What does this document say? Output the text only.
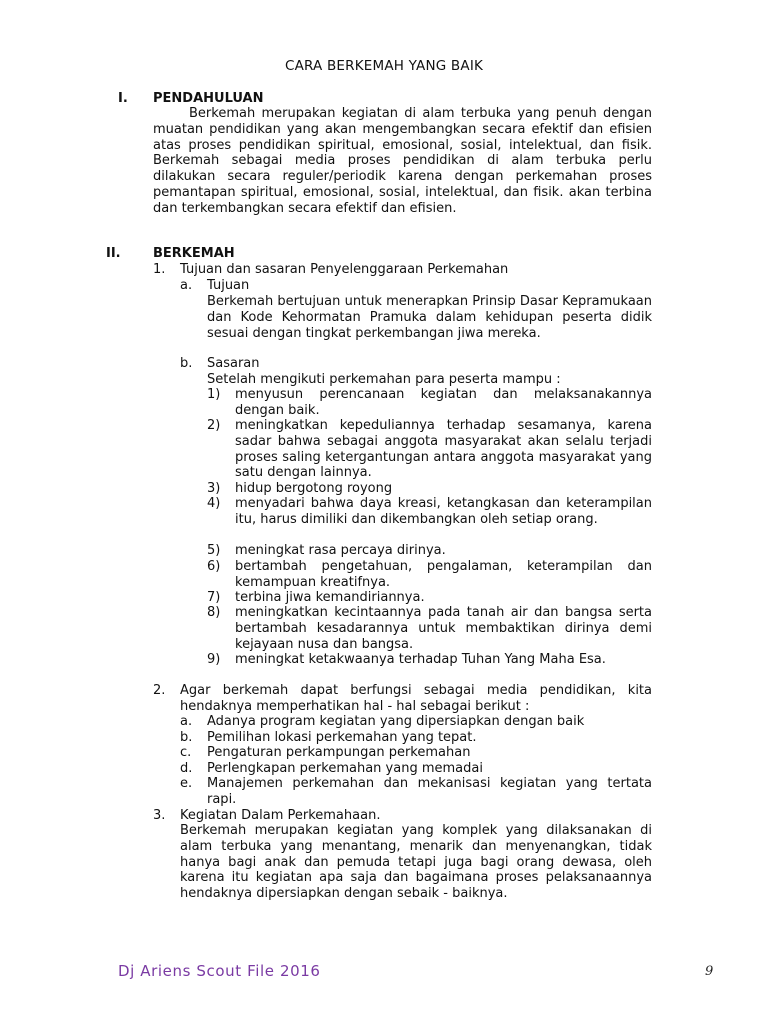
CARA BERKEMAH YANG BAIK
I. PENDAHULUAN
Berkemah merupakan kegiatan di alam terbuka yang penuh dengan muatan pendidikan yang akan mengembangkan secara efektif dan efisien atas proses pendidikan spiritual, emosional, sosial, intelektual, dan fisik. Berkemah sebagai media proses pendidikan di alam terbuka perlu dilakukan secara reguler/periodik karena dengan perkemahan proses pemantapan spiritual, emosional, sosial, intelektual, dan fisik. akan terbina dan terkembangkan secara efektif dan efisien.
II. BERKEMAH
1. Tujuan dan sasaran Penyelenggaraan Perkemahan
a. Tujuan
Berkemah bertujuan untuk menerapkan Prinsip Dasar Kepramukaan dan Kode Kehormatan Pramuka dalam kehidupan peserta didik sesuai dengan tingkat perkembangan jiwa mereka.
b. Sasaran
Setelah mengikuti perkemahan para peserta mampu :
1) menyusun perencanaan kegiatan dan melaksanakannya dengan baik.
2) meningkatkan kepeduliannya terhadap sesamanya, karena sadar bahwa sebagai anggota masyarakat akan selalu terjadi proses saling ketergantungan antara anggota masyarakat yang satu dengan lainnya.
3) hidup bergotong royong
4) menyadari bahwa daya kreasi, ketangkasan dan keterampilan itu, harus dimiliki dan dikembangkan oleh setiap orang.
5) meningkat rasa percaya dirinya.
6) bertambah pengetahuan, pengalaman, keterampilan dan kemampuan kreatifnya.
7) terbina jiwa kemandiriannya.
8) meningkatkan kecintaannya pada tanah air dan bangsa serta bertambah kesadarannya untuk membaktikan dirinya demi kejayaan nusa dan bangsa.
9) meningkat ketakwaanya terhadap Tuhan Yang Maha Esa.
2. Agar berkemah dapat berfungsi sebagai media pendidikan, kita hendaknya memperhatikan hal - hal sebagai berikut :
a. Adanya program kegiatan yang dipersiapkan dengan baik
b. Pemilihan lokasi perkemahan yang tepat.
c. Pengaturan perkampungan perkemahan
d. Perlengkapan perkemahan yang memadai
e. Manajemen perkemahan dan mekanisasi kegiatan yang tertata rapi.
3. Kegiatan Dalam Perkemahaan.
Berkemah merupakan kegiatan yang komplek yang dilaksanakan di alam terbuka yang menantang, menarik dan menyenangkan, tidak hanya bagi anak dan pemuda tetapi juga bagi orang dewasa, oleh karena itu kegiatan apa saja dan bagaimana proses pelaksanaannya hendaknya dipersiapkan dengan sebaik - baiknya.
Dj Ariens Scout File 2016	9
